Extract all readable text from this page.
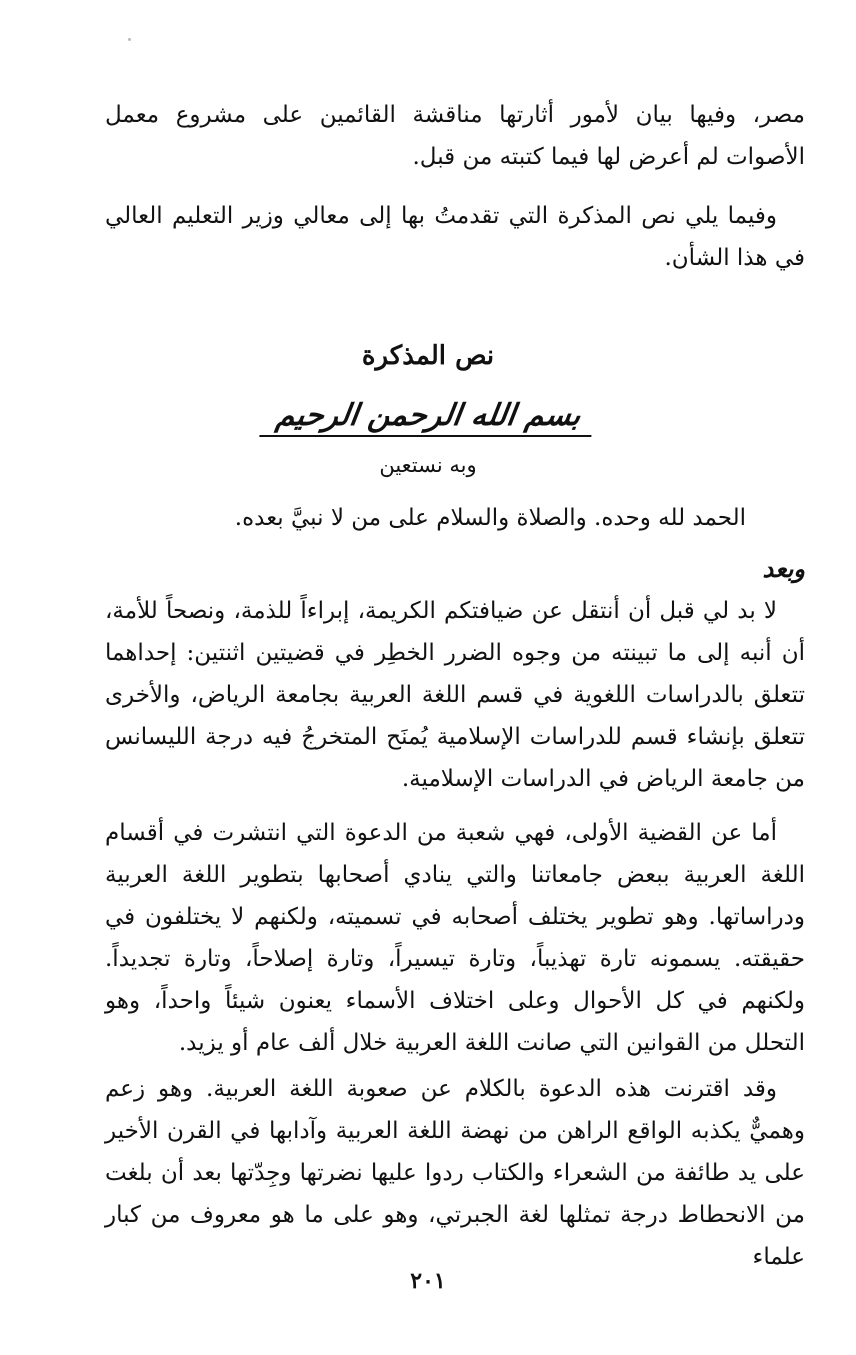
مصر، وفيها بيان لأمور أثارتها مناقشة القائمين على مشروع معمل الأصوات لم أعرض لها فيما كتبته من قبل.
وفيما يلي نص المذكرة التي تقدمتُ بها إلى معالي وزير التعليم العالي في هذا الشأن.
نص المذكرة
بسم الله الرحمن الرحيم
وبه نستعين
الحمد لله وحده. والصلاة والسلام على من لا نبيَّ بعده.
وبعد
لا بد لي قبل أن أنتقل عن ضيافتكم الكريمة، إبراءاً للذمة، ونصحاً للأمة، أن أنبه إلى ما تبينته من وجوه الضرر الخطِر في قضيتين اثنتين: إحداهما تتعلق بالدراسات اللغوية في قسم اللغة العربية بجامعة الرياض، والأخرى تتعلق بإنشاء قسم للدراسات الإسلامية يُمنَح المتخرجُ فيه درجة الليسانس من جامعة الرياض في الدراسات الإسلامية.
أما عن القضية الأولى، فهي شعبة من الدعوة التي انتشرت في أقسام اللغة العربية ببعض جامعاتنا والتي ينادي أصحابها بتطوير اللغة العربية ودراساتها. وهو تطوير يختلف أصحابه في تسميته، ولكنهم لا يختلفون في حقيقته. يسمونه تارة تهذيباً، وتارة تيسيراً، وتارة إصلاحاً، وتارة تجديداً. ولكنهم في كل الأحوال وعلى اختلاف الأسماء يعنون شيئاً واحداً، وهو التحلل من القوانين التي صانت اللغة العربية خلال ألف عام أو يزيد.
وقد اقترنت هذه الدعوة بالكلام عن صعوبة اللغة العربية. وهو زعم وهميٌّ يكذبه الواقع الراهن من نهضة اللغة العربية وآدابها في القرن الأخير على يد طائفة من الشعراء والكتاب ردوا عليها نضرتها وجِدّتها بعد أن بلغت من الانحطاط درجة تمثلها لغة الجبرتي، وهو على ما هو معروف من كبار علماء
٢٠١
